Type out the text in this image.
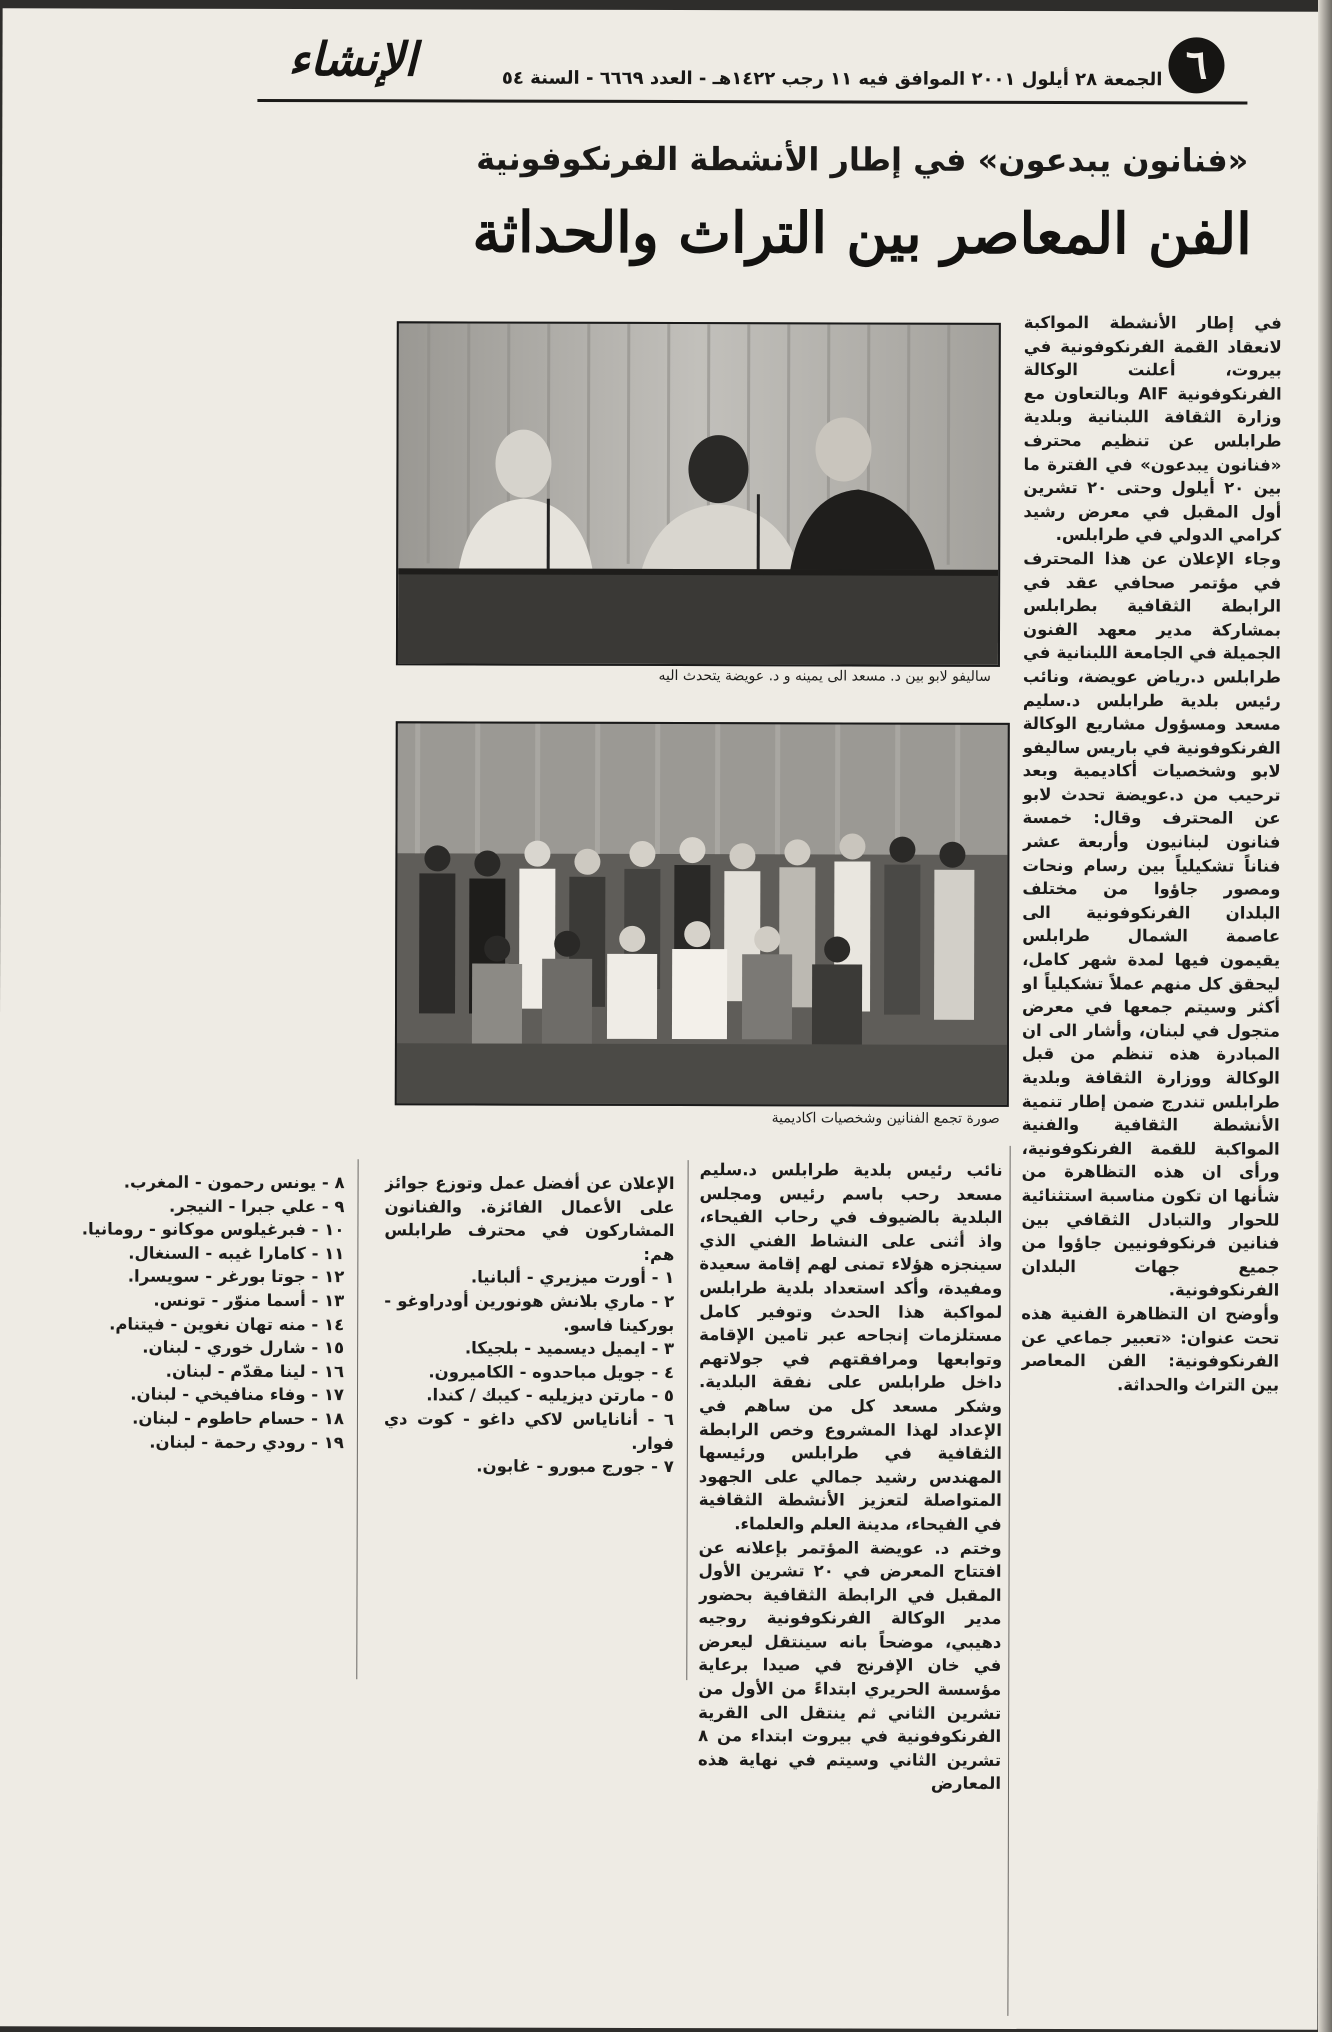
٦
الإنشاء	الجمعة ٢٨ أيلول ٢٠٠١ الموافق فيه ١١ رجب ١٤٢٢هـ - العدد ٦٦٦٩ - السنة ٥٤
«فنانون يبدعون» في إطار الأنشطة الفرنكوفونية
الفن المعاصر بين التراث والحداثة
ساليفو لابو بين د. مسعد الى يمينه و د. عويضة يتحدث اليه
صورة تجمع الفنانين وشخصيات اكاديمية

في إطار الأنشطة المواكبة لانعقاد القمة الفرنكوفونية في بيروت، أعلنت الوكالة الفرنكوفونية AIF وبالتعاون مع وزارة الثقافة اللبنانية وبلدية طرابلس عن تنظيم محترف «فنانون يبدعون» في الفترة ما بين ٢٠ أيلول وحتى ٢٠ تشرين أول المقبل في معرض رشيد كرامي الدولي في طرابلس.

وجاء الإعلان عن هذا المحترف في مؤتمر صحافي عقد في الرابطة الثقافية بطرابلس بمشاركة مدير معهد الفنون الجميلة في الجامعة اللبنانية في طرابلس د.رياض عويضة، ونائب رئيس بلدية طرابلس د.سليم مسعد ومسؤول مشاريع الوكالة الفرنكوفونية في باريس ساليفو لابو وشخصيات أكاديمية وبعد ترحيب من د.عويضة تحدث لابو عن المحترف وقال: خمسة فنانون لبنانيون وأربعة عشر فناناً تشكيلياً بين رسام ونحات ومصور جاؤوا من مختلف البلدان الفرنكوفونية الى عاصمة الشمال طرابلس يقيمون فيها لمدة شهر كامل، ليحقق كل منهم عملاً تشكيلياً او أكثر وسيتم جمعها في معرض متجول في لبنان، وأشار الى ان المبادرة هذه تنظم من قبل الوكالة ووزارة الثقافة وبلدية طرابلس تندرج ضمن إطار تنمية الأنشطة الثقافية والفنية المواكبة للقمة الفرنكوفونية، ورأى ان هذه التظاهرة من شأنها ان تكون مناسبة استثنائية للحوار والتبادل الثقافي بين فنانين فرنكوفونيين جاؤوا من جميع جهات البلدان الفرنكوفونية.

وأوضح ان التظاهرة الفنية هذه تحت عنوان: «تعبير جماعي عن الفرنكوفونية: الفن المعاصر بين التراث والحداثة.

نائب رئيس بلدية طرابلس د.سليم مسعد رحب باسم رئيس ومجلس البلدية بالضيوف في رحاب الفيحاء، واذ أثنى على النشاط الفني الذي سينجزه هؤلاء تمنى لهم إقامة سعيدة ومفيدة، وأكد استعداد بلدية طرابلس لمواكبة هذا الحدث وتوفير كامل مستلزمات إنجاحه عبر تامين الإقامة وتوابعها ومرافقتهم في جولاتهم داخل طرابلس على نفقة البلدية. وشكر مسعد كل من ساهم في الإعداد لهذا المشروع وخص الرابطة الثقافية في طرابلس ورئيسها المهندس رشيد جمالي على الجهود المتواصلة لتعزيز الأنشطة الثقافية في الفيحاء، مدينة العلم والعلماء.

وختم د. عويضة المؤتمر بإعلانه عن افتتاح المعرض في ٢٠ تشرين الأول المقبل في الرابطة الثقافية بحضور مدير الوكالة الفرنكوفونية روجيه دهيبي، موضحاً بانه سينتقل ليعرض في خان الإفرنج في صيدا برعاية مؤسسة الحريري ابتداءً من الأول من تشرين الثاني ثم ينتقل الى القرية الفرنكوفونية في بيروت ابتداء من ٨ تشرين الثاني وسيتم في نهاية هذه المعارض

الإعلان عن أفضل عمل وتوزع جوائز على الأعمال الفائزة. والفنانون المشاركون في محترف طرابلس هم:

١ - أورت ميزيري - ألبانيا.
٢ - ماري بلانش هونورين أودراوغو - بوركينا فاسو.
٣ - ايميل ديسميد - بلجيكا.
٤ - جويل مباحدوه - الكاميرون.
٥ - مارتن ديزيليه - كيبك / كندا.
٦ - أناناياس لاكي داغو - كوت دي فوار.
٧ - جورج مبورو - غابون.
٨ - يونس رحمون - المغرب.
٩ - علي جبرا - النيجر.
١٠ - فبرغيلوس موكانو - رومانيا.
١١ - كامارا غيبه - السنغال.
١٢ - جوتا بورغر - سويسرا.
١٣ - أسما منوّر - تونس.
١٤ - منه تهان نغوين - فيتنام.
١٥ - شارل خوري - لبنان.
١٦ - لينا مقدّم - لبنان.
١٧ - وفاء منافيخي - لبنان.
١٨ - حسام حاطوم - لبنان.
١٩ - رودي رحمة - لبنان.
